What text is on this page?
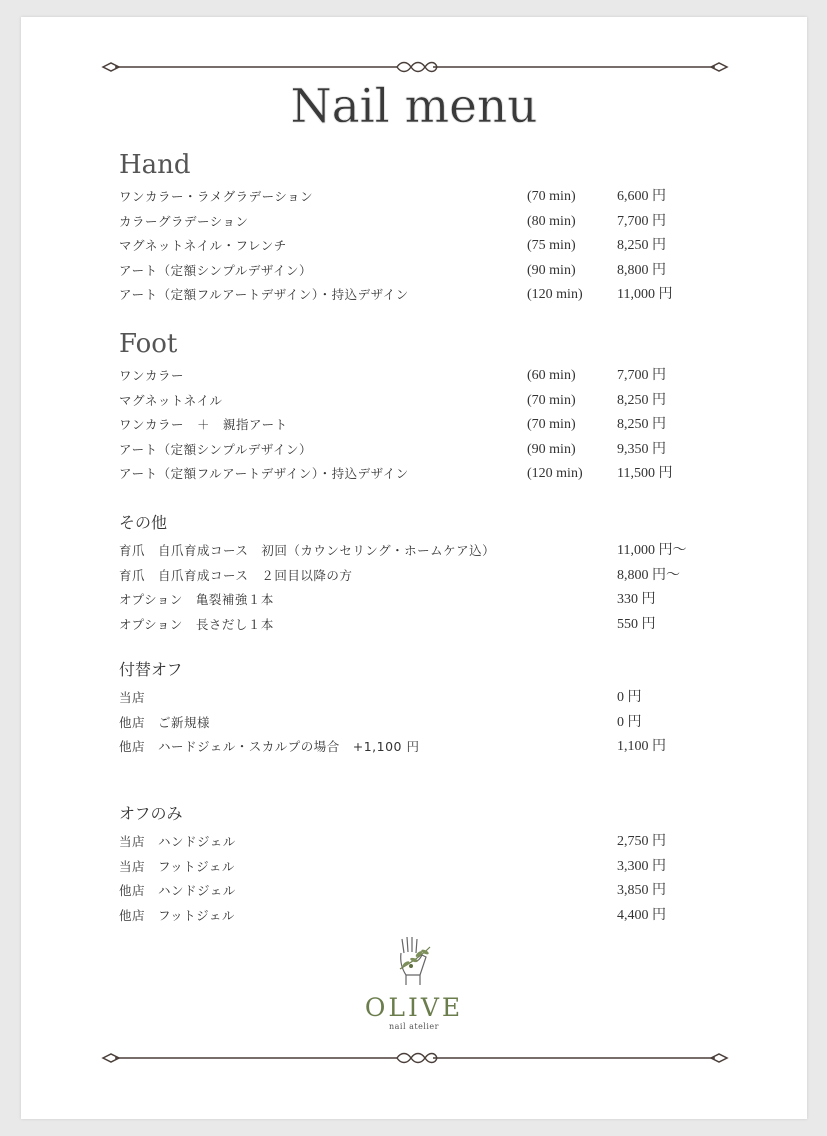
Nail menu
Hand
ワンカラー・ラメグラデーション	(70 min)	6,600 円
カラーグラデーション	(80 min)	7,700 円
マグネットネイル・フレンチ	(75 min)	8,250 円
アート（定額シンプルデザイン）	(90 min)	8,800 円
アート（定額フルアートデザイン）・持込デザイン	(120 min) 11,000 円
Foot
ワンカラー	(60 min)	7,700 円
マグネットネイル	(70 min)	8,250 円
ワンカラー　＋　親指アート	(70 min)	8,250 円
アート（定額シンプルデザイン）	(90 min)	9,350 円
アート（定額フルアートデザイン）・持込デザイン	(120 min) 11,500 円
その他
育爪　自爪育成コース　初回（カウンセリング・ホームケア込）	11,000 円〜
育爪　自爪育成コース　２回目以降の方	8,800 円〜
オプション　亀裂補強１本	330 円
オプション　長さだし１本	550 円
付替オフ
当店	0 円
他店　ご新規様	0 円
他店　ハードジェル・スカルプの場合　+1,100 円	1,100 円
オフのみ
当店　ハンドジェル	2,750 円
当店　フットジェル	3,300 円
他店　ハンドジェル	3,850 円
他店　フットジェル	4,400 円
OLIVE
nail atelier
